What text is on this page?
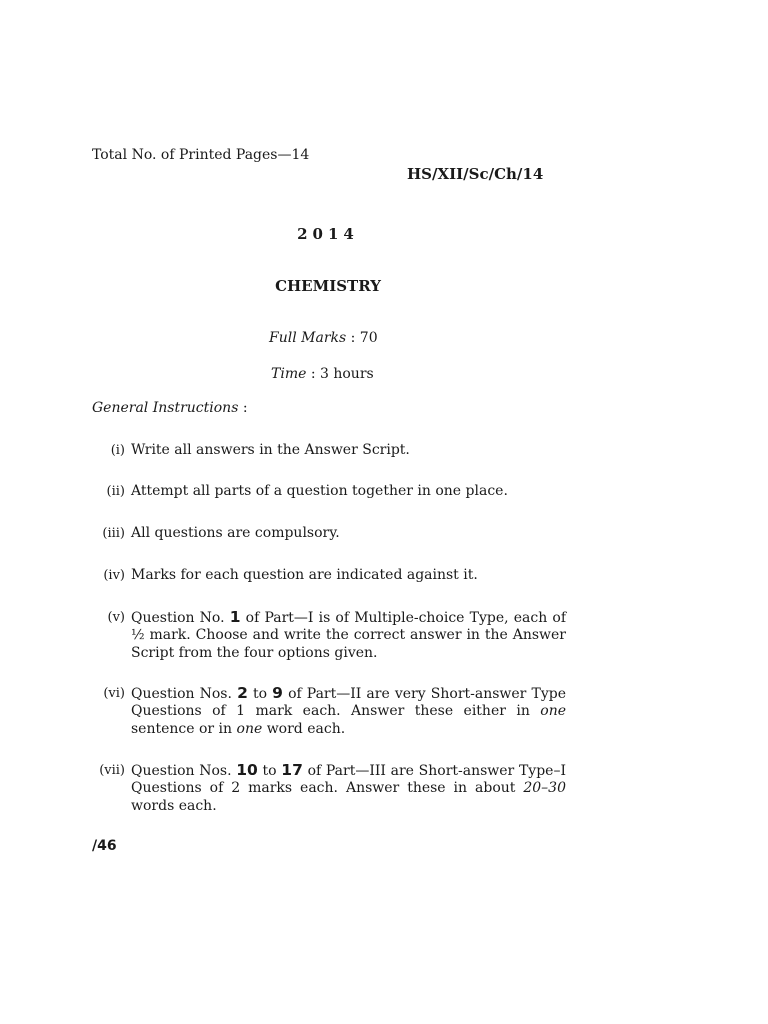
Total No. of Printed Pages—14
HS/XII/Sc/Ch/14
2014
CHEMISTRY
Full Marks : 70
Time : 3 hours
General Instructions :
(i) Write all answers in the Answer Script.
(ii) Attempt all parts of a question together in one place.
(iii) All questions are compulsory.
(iv) Marks for each question are indicated against it.
(v) Question No. 1 of Part—I is of Multiple-choice Type, each of ½ mark. Choose and write the correct answer in the Answer Script from the four options given.
(vi) Question Nos. 2 to 9 of Part—II are very Short-answer Type Questions of 1 mark each. Answer these either in one sentence or in one word each.
(vii) Question Nos. 10 to 17 of Part—III are Short-answer Type–I Questions of 2 marks each. Answer these in about 20–30 words each.
/46
